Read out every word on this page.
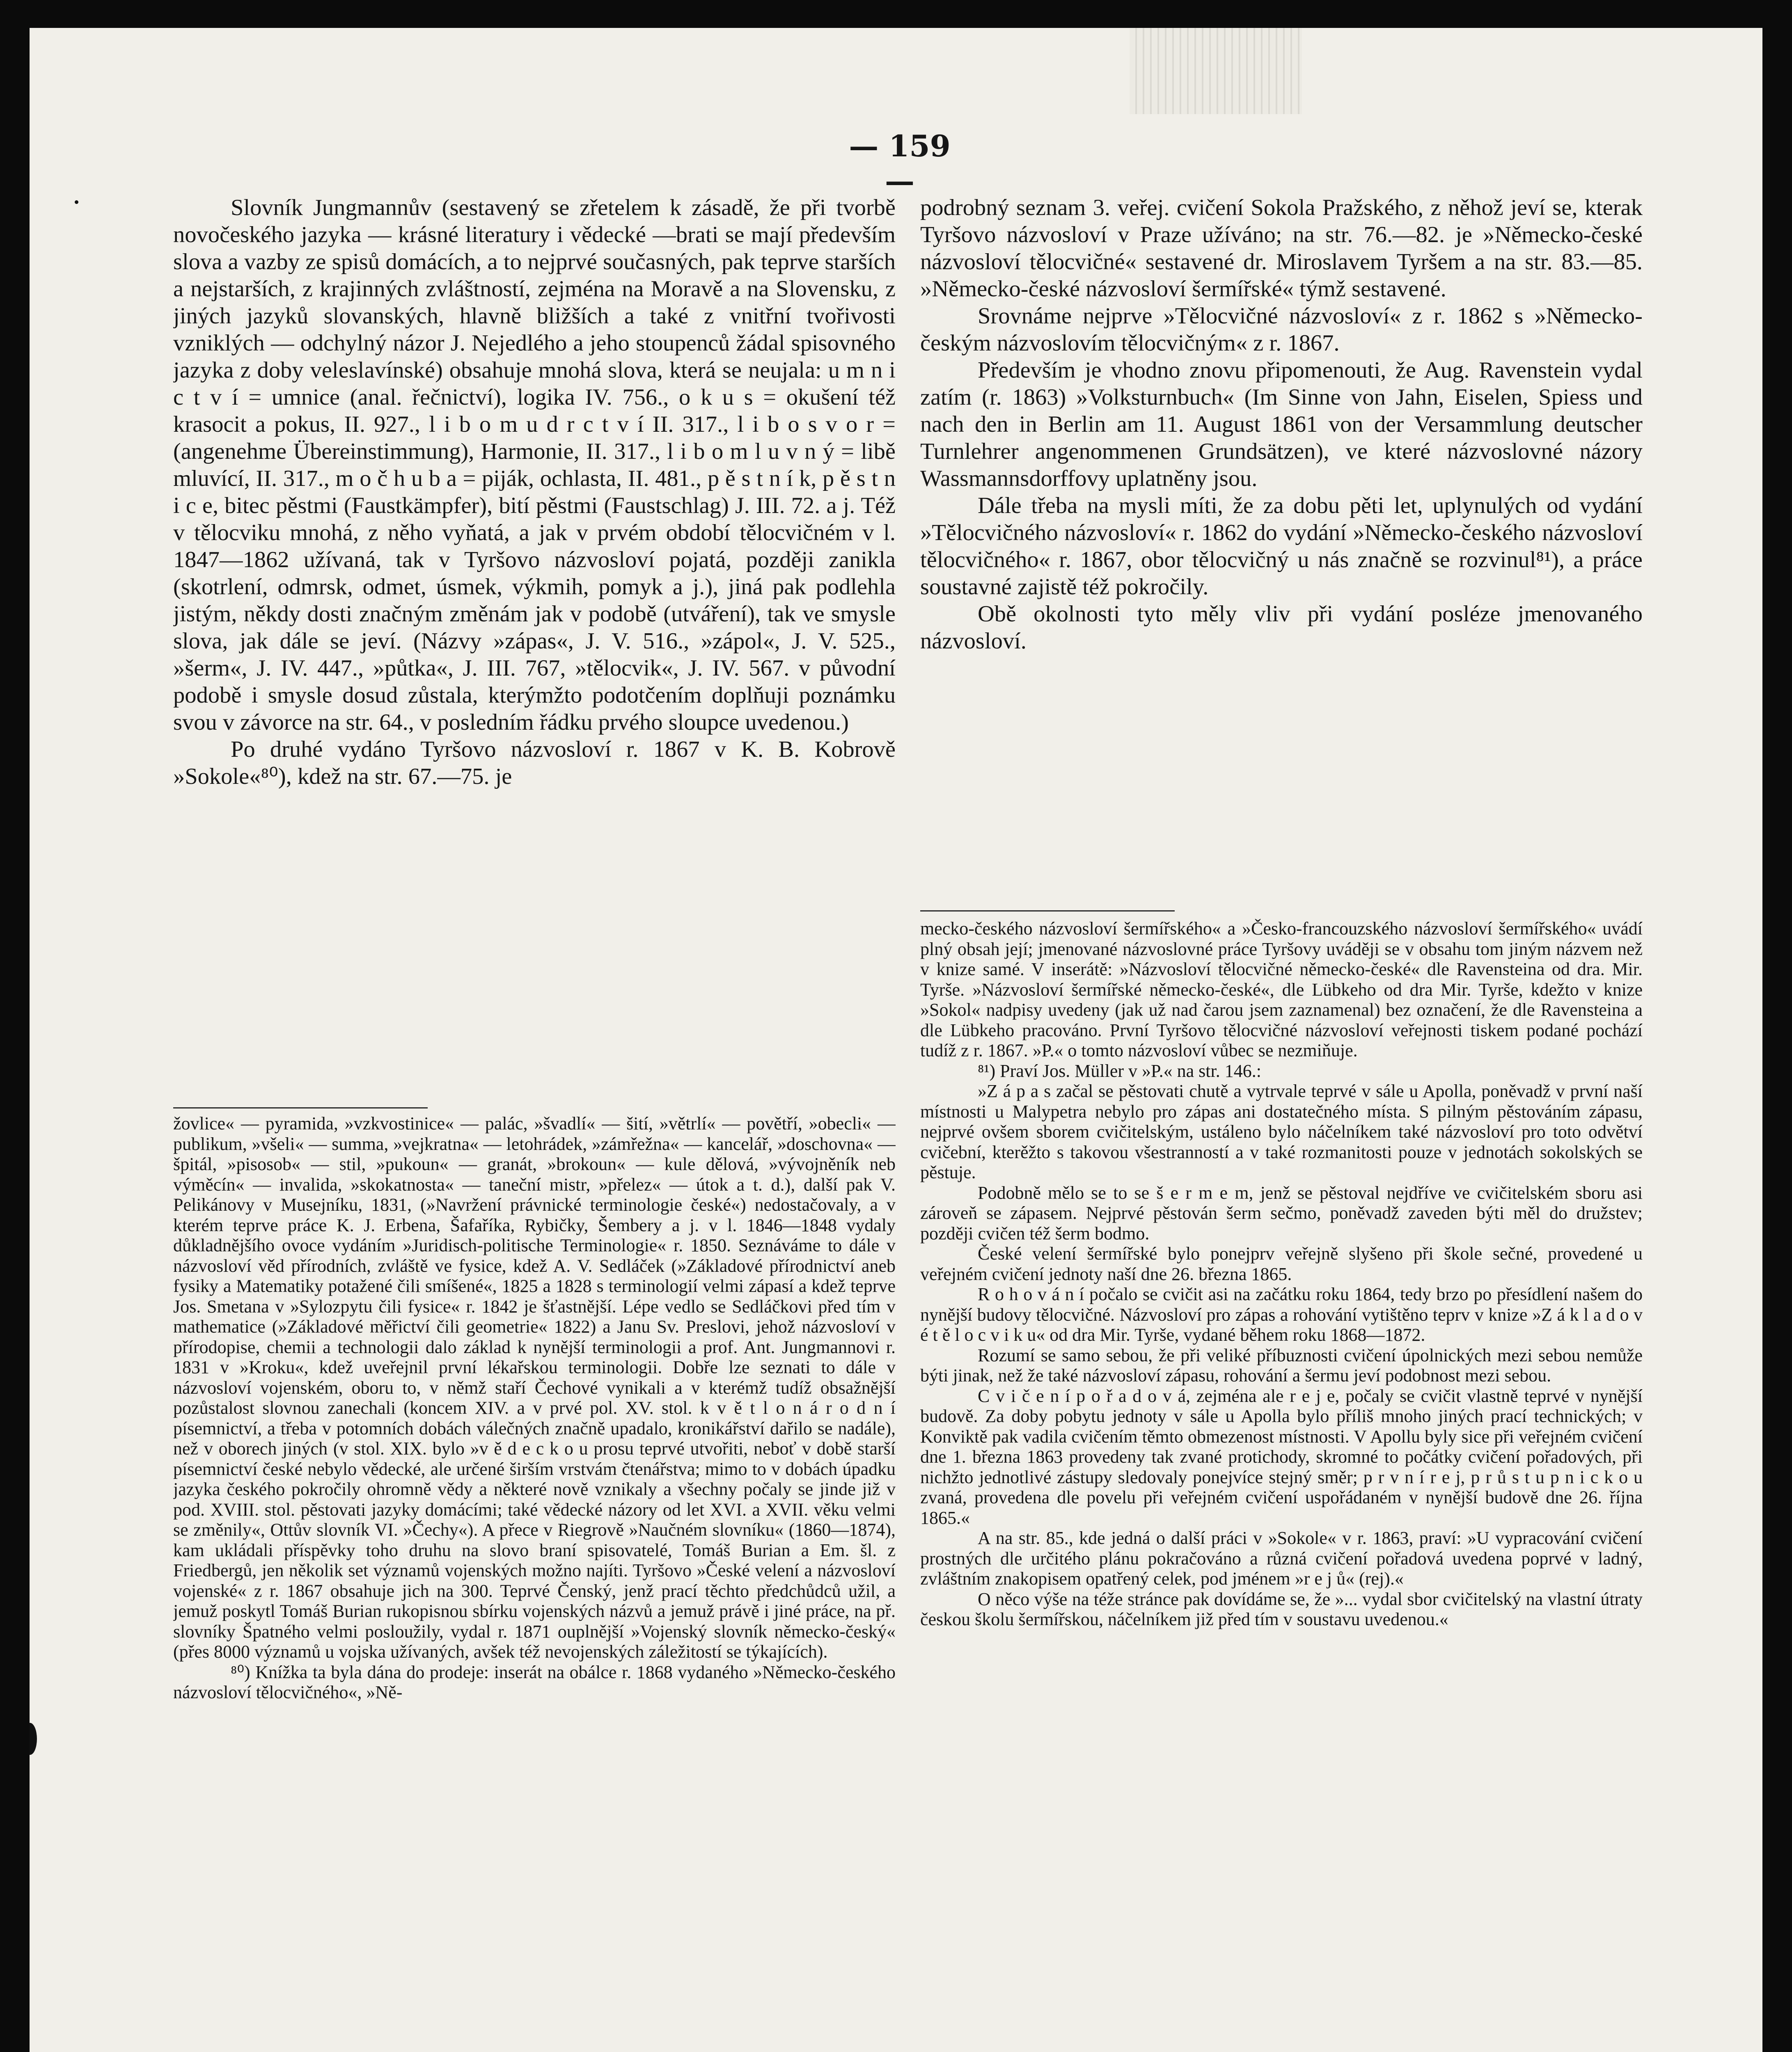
— 159 —

Slovník Jungmannův (sestavený se zřetelem k zásadě, že při tvorbě novočeského jazyka — krásné literatury i vědecké —brati se mají především slova a vazby ze spisů domácích, a to nejprvé současných, pak teprve starších a nejstarších, z krajinných zvláštností, zejména na Moravě a na Slovensku, z jiných jazyků slovanských, hlavně bližších a také z vnitřní tvořivosti vzniklých — odchylný názor J. Nejedlého a jeho stoupenců žádal spisovného jazyka z doby veleslavínské) obsahuje mnohá slova, která se neujala: u m n i c t v í = umnice (anal. řečnictví), logika IV. 756., o k u s = okušení též krasocit a pokus, II. 927., l i b o m u d r c t v í II. 317., l i b o s v o r = (angenehme Übereinstimmung), Harmonie, II. 317., l i b o m l u v n ý = libě mluvící, II. 317., m o č h u b a = piják, ochlasta, II. 481., p ě s t n í k, p ě s t n i c e, bitec pěstmi (Faustkämpfer), bití pěstmi (Faustschlag) J. III. 72. a j. Též v tělocviku mnohá, z něho vyňatá, a jak v prvém období tělocvičném v l. 1847—1862 užívaná, tak v Tyršovo názvosloví pojatá, později zanikla (skotrlení, odmrsk, odmet, úsmek, výkmih, pomyk a j.), jiná pak podlehla jistým, někdy dosti značným změnám jak v podobě (utváření), tak ve smysle slova, jak dále se jeví. (Názvy »zápas«, J. V. 516., »zápol«, J. V. 525., »šerm«, J. IV. 447., »půtka«, J. III. 767, »tělocvik«, J. IV. 567. v původní podobě i smysle dosud zůstala, kterýmžto podotčením doplňuji poznámku svou v závorce na str. 64., v posledním řádku prvého sloupce uvedenou.)

Po druhé vydáno Tyršovo názvosloví r. 1867 v K. B. Kobrově »Sokole«⁸⁰), kdež na str. 67.—75. je

podrobný seznam 3. veřej. cvičení Sokola Pražského, z něhož jeví se, kterak Tyršovo názvosloví v Praze užíváno; na str. 76.—82. je »Německo-české názvosloví tělocvičné« sestavené dr. Miroslavem Tyršem a na str. 83.—85. »Německo-české názvosloví šermířské« týmž sestavené.

Srovnáme nejprve »Tělocvičné názvosloví« z r. 1862 s »Německo-českým názvoslovím tělocvičným« z r. 1867.

Především je vhodno znovu připomenouti, že Aug. Ravenstein vydal zatím (r. 1863) »Volksturnbuch« (Im Sinne von Jahn, Eiselen, Spiess und nach den in Berlin am 11. August 1861 von der Versammlung deutscher Turnlehrer angenommenen Grundsätzen), ve které názvoslovné názory Wassmannsdorffovy uplatněny jsou.

Dále třeba na mysli míti, že za dobu pěti let, uplynulých od vydání »Tělocvičného názvosloví« r. 1862 do vydání »Německo-českého názvosloví tělocvičného« r. 1867, obor tělocvičný u nás značně se rozvinul⁸¹), a práce soustavné zajistě též pokročily.

Obě okolnosti tyto měly vliv při vydání posléze jmenovaného názvosloví.

žovlice« — pyramida, »vzkvostinice« — palác, »švadlí« — šití, »větrlí« — povětří, »obecli« — publikum, »všeli« — summa, »vejkratna« — letohrádek, »zámřežna« — kancelář, »doschovna« — špitál, »pisosob« — stil, »pukoun« — granát, »brokoun« — kule dělová, »vývojněník neb výměcín« — invalida, »skokatnosta« — taneční mistr, »přelez« — útok a t. d.), další pak V. Pelikánovy v Musejníku, 1831, (»Navržení právnické terminologie české«) nedostačovaly, a v kterém teprve práce K. J. Erbena, Šafaříka, Rybičky, Šembery a j. v l. 1846—1848 vydaly důkladnějšího ovoce vydáním »Juridisch-politische Terminologie« r. 1850. Seznáváme to dále v názvosloví věd přírodních, zvláště ve fysice, kdež A. V. Sedláček (»Základové přírodnictví aneb fysiky a Matematiky potažené čili smíšené«, 1825 a 1828 s terminologií velmi zápasí a kdež teprve Jos. Smetana v »Sylozpytu čili fysice« r. 1842 je šťastnější. Lépe vedlo se Sedláčkovi před tím v mathematice (»Základové měřictví čili geometrie« 1822) a Janu Sv. Preslovi, jehož názvosloví v přírodopise, chemii a technologii dalo základ k nynější terminologii a prof. Ant. Jungmannovi r. 1831 v »Kroku«, kdež uveřejnil první lékařskou terminologii. Dobře lze seznati to dále v názvosloví vojenském, oboru to, v němž staří Čechové vynikali a v kterémž tudíž obsažnější pozůstalost slovnou zanechali (koncem XIV. a v prvé pol. XV. stol. k v ě t l o n á r o d n í písemnictví, a třeba v potomních dobách válečných značně upadalo, kronikářství dařilo se nadále), než v oborech jiných (v stol. XIX. bylo »v ě d e c k o u prosu teprvé utvořiti, neboť v době starší písemnictví české nebylo vědecké, ale určené širším vrstvám čtenářstva; mimo to v dobách úpadku jazyka českého pokročily ohromně vědy a některé nově vznikaly a všechny počaly se jinde již v pod. XVIII. stol. pěstovati jazyky domácími; také vědecké názory od let XVI. a XVII. věku velmi se změnily«, Ottův slovník VI. »Čechy«). A přece v Riegrově »Naučném slovníku« (1860—1874), kam ukládali příspěvky toho druhu na slovo braní spisovatelé, Tomáš Burian a Em. šl. z Friedbergů, jen několik set významů vojenských možno najíti. Tyršovo »České velení a názvosloví vojenské« z r. 1867 obsahuje jich na 300. Teprvé Čenský, jenž prací těchto předchůdců užil, a jemuž poskytl Tomáš Burian rukopisnou sbírku vojenských názvů a jemuž právě i jiné práce, na př. slovníky Špatného velmi posloužily, vydal r. 1871 ouplnější »Vojenský slovník německo-český« (přes 8000 významů u vojska užívaných, avšek též nevojenských záležitostí se týkajících).

⁸⁰) Knížka ta byla dána do prodeje: inserát na obálce r. 1868 vydaného »Německo-českého názvosloví tělocvičného«, »Ně-

mecko-českého názvosloví šermířského« a »Česko-francouzského názvosloví šermířského« uvádí plný obsah její; jmenované názvoslovné práce Tyršovy uváději se v obsahu tom jiným názvem než v knize samé. V inserátě: »Názvosloví tělocvičné německo-české« dle Ravensteina od dra. Mir. Tyrše. »Názvosloví šermířské německo-české«, dle Lübkeho od dra Mir. Tyrše, kdežto v knize »Sokol« nadpisy uvedeny (jak už nad čarou jsem zaznamenal) bez označení, že dle Ravensteina a dle Lübkeho pracováno. První Tyršovo tělocvičné názvosloví veřejnosti tiskem podané pochází tudíž z r. 1867. »P.« o tomto názvosloví vůbec se nezmiňuje.

⁸¹) Praví Jos. Müller v »P.« na str. 146.:

»Z á p a s začal se pěstovati chutě a vytrvale teprvé v sále u Apolla, poněvadž v první naší místnosti u Malypetra nebylo pro zápas ani dostatečného místa. S pilným pěstováním zápasu, nejprvé ovšem sborem cvičitelským, ustáleno bylo náčelníkem také názvosloví pro toto odvětví cvičební, kterěžto s takovou všestranností a v také rozmanitosti pouze v jednotách sokolských se pěstuje.

Podobně mělo se to se š e r m e m, jenž se pěstoval nejdříve ve cvičitelském sboru asi zároveň se zápasem. Nejprvé pěstován šerm sečmo, poněvadž zaveden býti měl do družstev; později cvičen též šerm bodmo.

České velení šermířské bylo ponejprv veřejně slyšeno při škole sečné, provedené u veřejném cvičení jednoty naší dne 26. března 1865.

R o h o v á n í počalo se cvičit asi na začátku roku 1864, tedy brzo po přesídlení našem do nynější budovy tělocvičné. Názvosloví pro zápas a rohování vytištěno teprv v knize »Z á k l a d o v é t ě l o c v i k u« od dra Mir. Tyrše, vydané během roku 1868—1872.

Rozumí se samo sebou, že při veliké příbuznosti cvičení úpolnických mezi sebou nemůže býti jinak, než že také názvosloví zápasu, rohování a šermu jeví podobnost mezi sebou.

C v i č e n í p o ř a d o v á, zejména ale r e j e, počaly se cvičit vlastně teprvé v nynější budově. Za doby pobytu jednoty v sále u Apolla bylo příliš mnoho jiných prací technických; v Konviktě pak vadila cvičením těmto obmezenost místnosti. V Apollu byly sice při veřejném cvičení dne 1. března 1863 provedeny tak zvané protichody, skromné to počátky cvičení pořadových, při nichžto jednotlivé zástupy sledovaly ponejvíce stejný směr; p r v n í r e j, p r ů s t u p n i c k o u zvaná, provedena dle povelu při veřejném cvičení uspořádaném v nynější budově dne 26. října 1865.«

A na str. 85., kde jedná o další práci v »Sokole« v r. 1863, praví: »U vypracování cvičení prostných dle určitého plánu pokračováno a různá cvičení pořadová uvedena poprvé v ladný, zvláštním znakopisem opatřený celek, pod jménem »r e j ů« (rej).«

O něco výše na téže stránce pak dovídáme se, že »... vydal sbor cvičitelský na vlastní útraty českou školu šermířskou, náčelníkem již před tím v soustavu uvedenou.«
